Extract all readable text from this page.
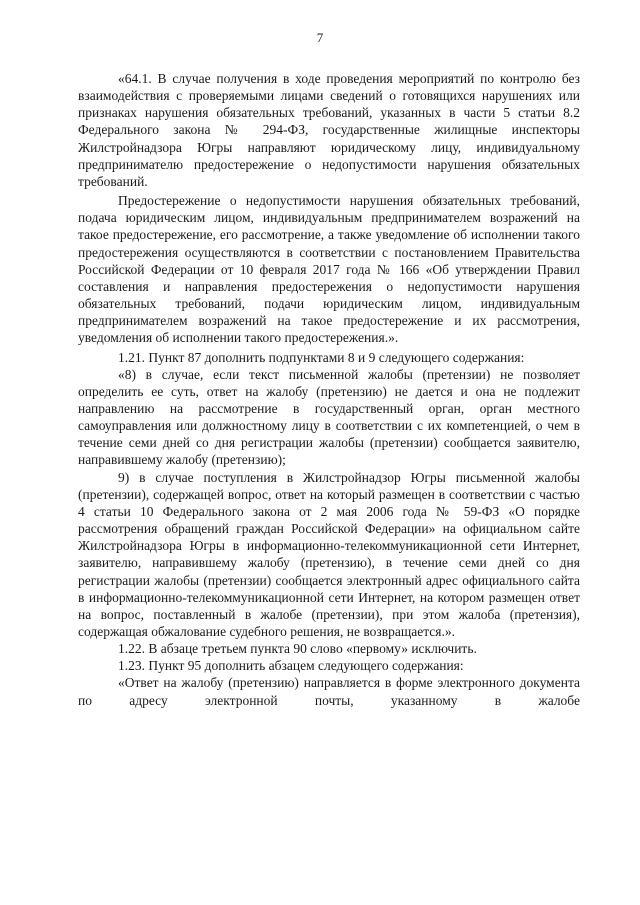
7

«64.1. В случае получения в ходе проведения мероприятий по контролю без взаимодействия с проверяемыми лицами сведений о готовящихся нарушениях или признаках нарушения обязательных требований, указанных в части 5 статьи 8.2 Федерального закона № 294-ФЗ, государственные жилищные инспекторы Жилстройнадзора Югры направляют юридическому лицу, индивидуальному предпринимателю предостережение о недопустимости нарушения обязательных требований.

Предостережение о недопустимости нарушения обязательных требований, подача юридическим лицом, индивидуальным предпринимателем возражений на такое предостережение, его рассмотрение, а также уведомление об исполнении такого предостережения осуществляются в соответствии с постановлением Правительства Российской Федерации от 10 февраля 2017 года № 166 «Об утверждении Правил составления и направления предостережения о недопустимости нарушения обязательных требований, подачи юридическим лицом, индивидуальным предпринимателем возражений на такое предостережение и их рассмотрения, уведомления об исполнении такого предостережения.».

1.21. Пункт 87 дополнить подпунктами 8 и 9 следующего содержания:

«8) в случае, если текст письменной жалобы (претензии) не позволяет определить ее суть, ответ на жалобу (претензию) не дается и она не подлежит направлению на рассмотрение в государственный орган, орган местного самоуправления или должностному лицу в соответствии с их компетенцией, о чем в течение семи дней со дня регистрации жалобы (претензии) сообщается заявителю, направившему жалобу (претензию);

9) в случае поступления в Жилстройнадзор Югры письменной жалобы (претензии), содержащей вопрос, ответ на который размещен в соответствии с частью 4 статьи 10 Федерального закона от 2 мая 2006 года № 59-ФЗ «О порядке рассмотрения обращений граждан Российской Федерации» на официальном сайте Жилстройнадзора Югры в информационно-телекоммуникационной сети Интернет, заявителю, направившему жалобу (претензию), в течение семи дней со дня регистрации жалобы (претензии) сообщается электронный адрес официального сайта в информационно-телекоммуникационной сети Интернет, на котором размещен ответ на вопрос, поставленный в жалобе (претензии), при этом жалоба (претензия), содержащая обжалование судебного решения, не возвращается.».

1.22. В абзаце третьем пункта 90 слово «первому» исключить.

1.23. Пункт 95 дополнить абзацем следующего содержания:

«Ответ на жалобу (претензию) направляется в форме электронного документа по адресу электронной почты, указанному в жалобе
